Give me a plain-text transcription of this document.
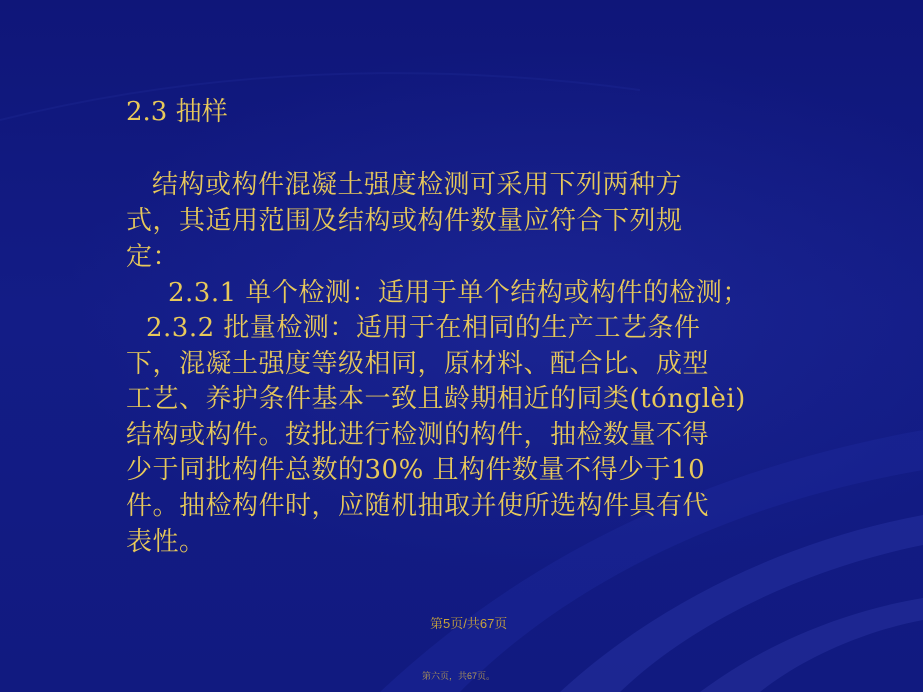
2.3 抽样
结构或构件混凝土强度检测可采用下列两种方
式，其适用范围及结构或构件数量应符合下列规
定：
2.3.1 单个检测：适用于单个结构或构件的检测；
2.3.2 批量检测：适用于在相同的生产工艺条件
下，混凝土强度等级相同，原材料、配合比、成型
工艺、养护条件基本一致且龄期相近的同类(tónglèi)
结构或构件。按批进行检测的构件，抽检数量不得
少于同批构件总数的30% 且构件数量不得少于10
件。抽检构件时，应随机抽取并使所选构件具有代
表性。
第5页/共67页
第六页，共67页。
